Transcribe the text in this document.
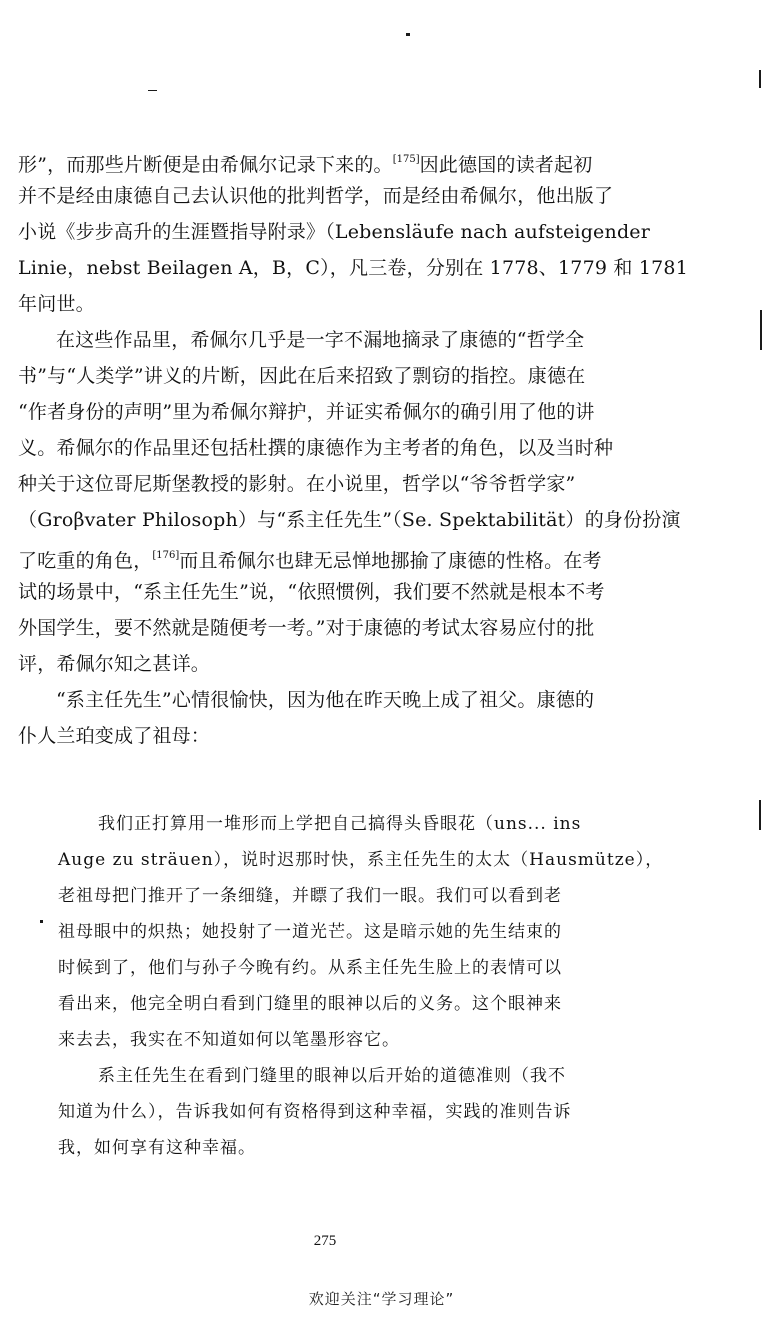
形”，而那些片断便是由希佩尔记录下来的。[175]因此德国的读者起初
并不是经由康德自己去认识他的批判哲学，而是经由希佩尔，他出版了
小说《步步高升的生涯暨指导附录》（Lebensläufe nach aufsteigender
Linie，nebst Beilagen A，B，C），凡三卷，分别在 1778、1779 和 1781
年问世。
在这些作品里，希佩尔几乎是一字不漏地摘录了康德的“哲学全
书”与“人类学”讲义的片断，因此在后来招致了剽窃的指控。康德在
“作者身份的声明”里为希佩尔辩护，并证实希佩尔的确引用了他的讲
义。希佩尔的作品里还包括杜撰的康德作为主考者的角色，以及当时种
种关于这位哥尼斯堡教授的影射。在小说里，哲学以“爷爷哲学家”
（Groβvater Philosoph）与“系主任先生”（Se. Spektabilität）的身份扮演
了吃重的角色，[176]而且希佩尔也肆无忌惮地挪揄了康德的性格。在考
试的场景中，“系主任先生”说，“依照惯例，我们要不然就是根本不考
外国学生，要不然就是随便考一考。”对于康德的考试太容易应付的批
评，希佩尔知之甚详。
“系主任先生”心情很愉快，因为他在昨天晚上成了祖父。康德的
仆人兰珀变成了祖母：
我们正打算用一堆形而上学把自己搞得头昏眼花（uns... ins
Auge zu sträuen），说时迟那时快，系主任先生的太太（Hausmütze），
老祖母把门推开了一条细缝，并瞟了我们一眼。我们可以看到老
祖母眼中的炽热；她投射了一道光芒。这是暗示她的先生结束的
时候到了，他们与孙子今晚有约。从系主任先生脸上的表情可以
看出来，他完全明白看到门缝里的眼神以后的义务。这个眼神来
来去去，我实在不知道如何以笔墨形容它。
系主任先生在看到门缝里的眼神以后开始的道德准则（我不
知道为什么），告诉我如何有资格得到这种幸福，实践的准则告诉
我，如何享有这种幸福。
275
欢迎关注“学习理论”
